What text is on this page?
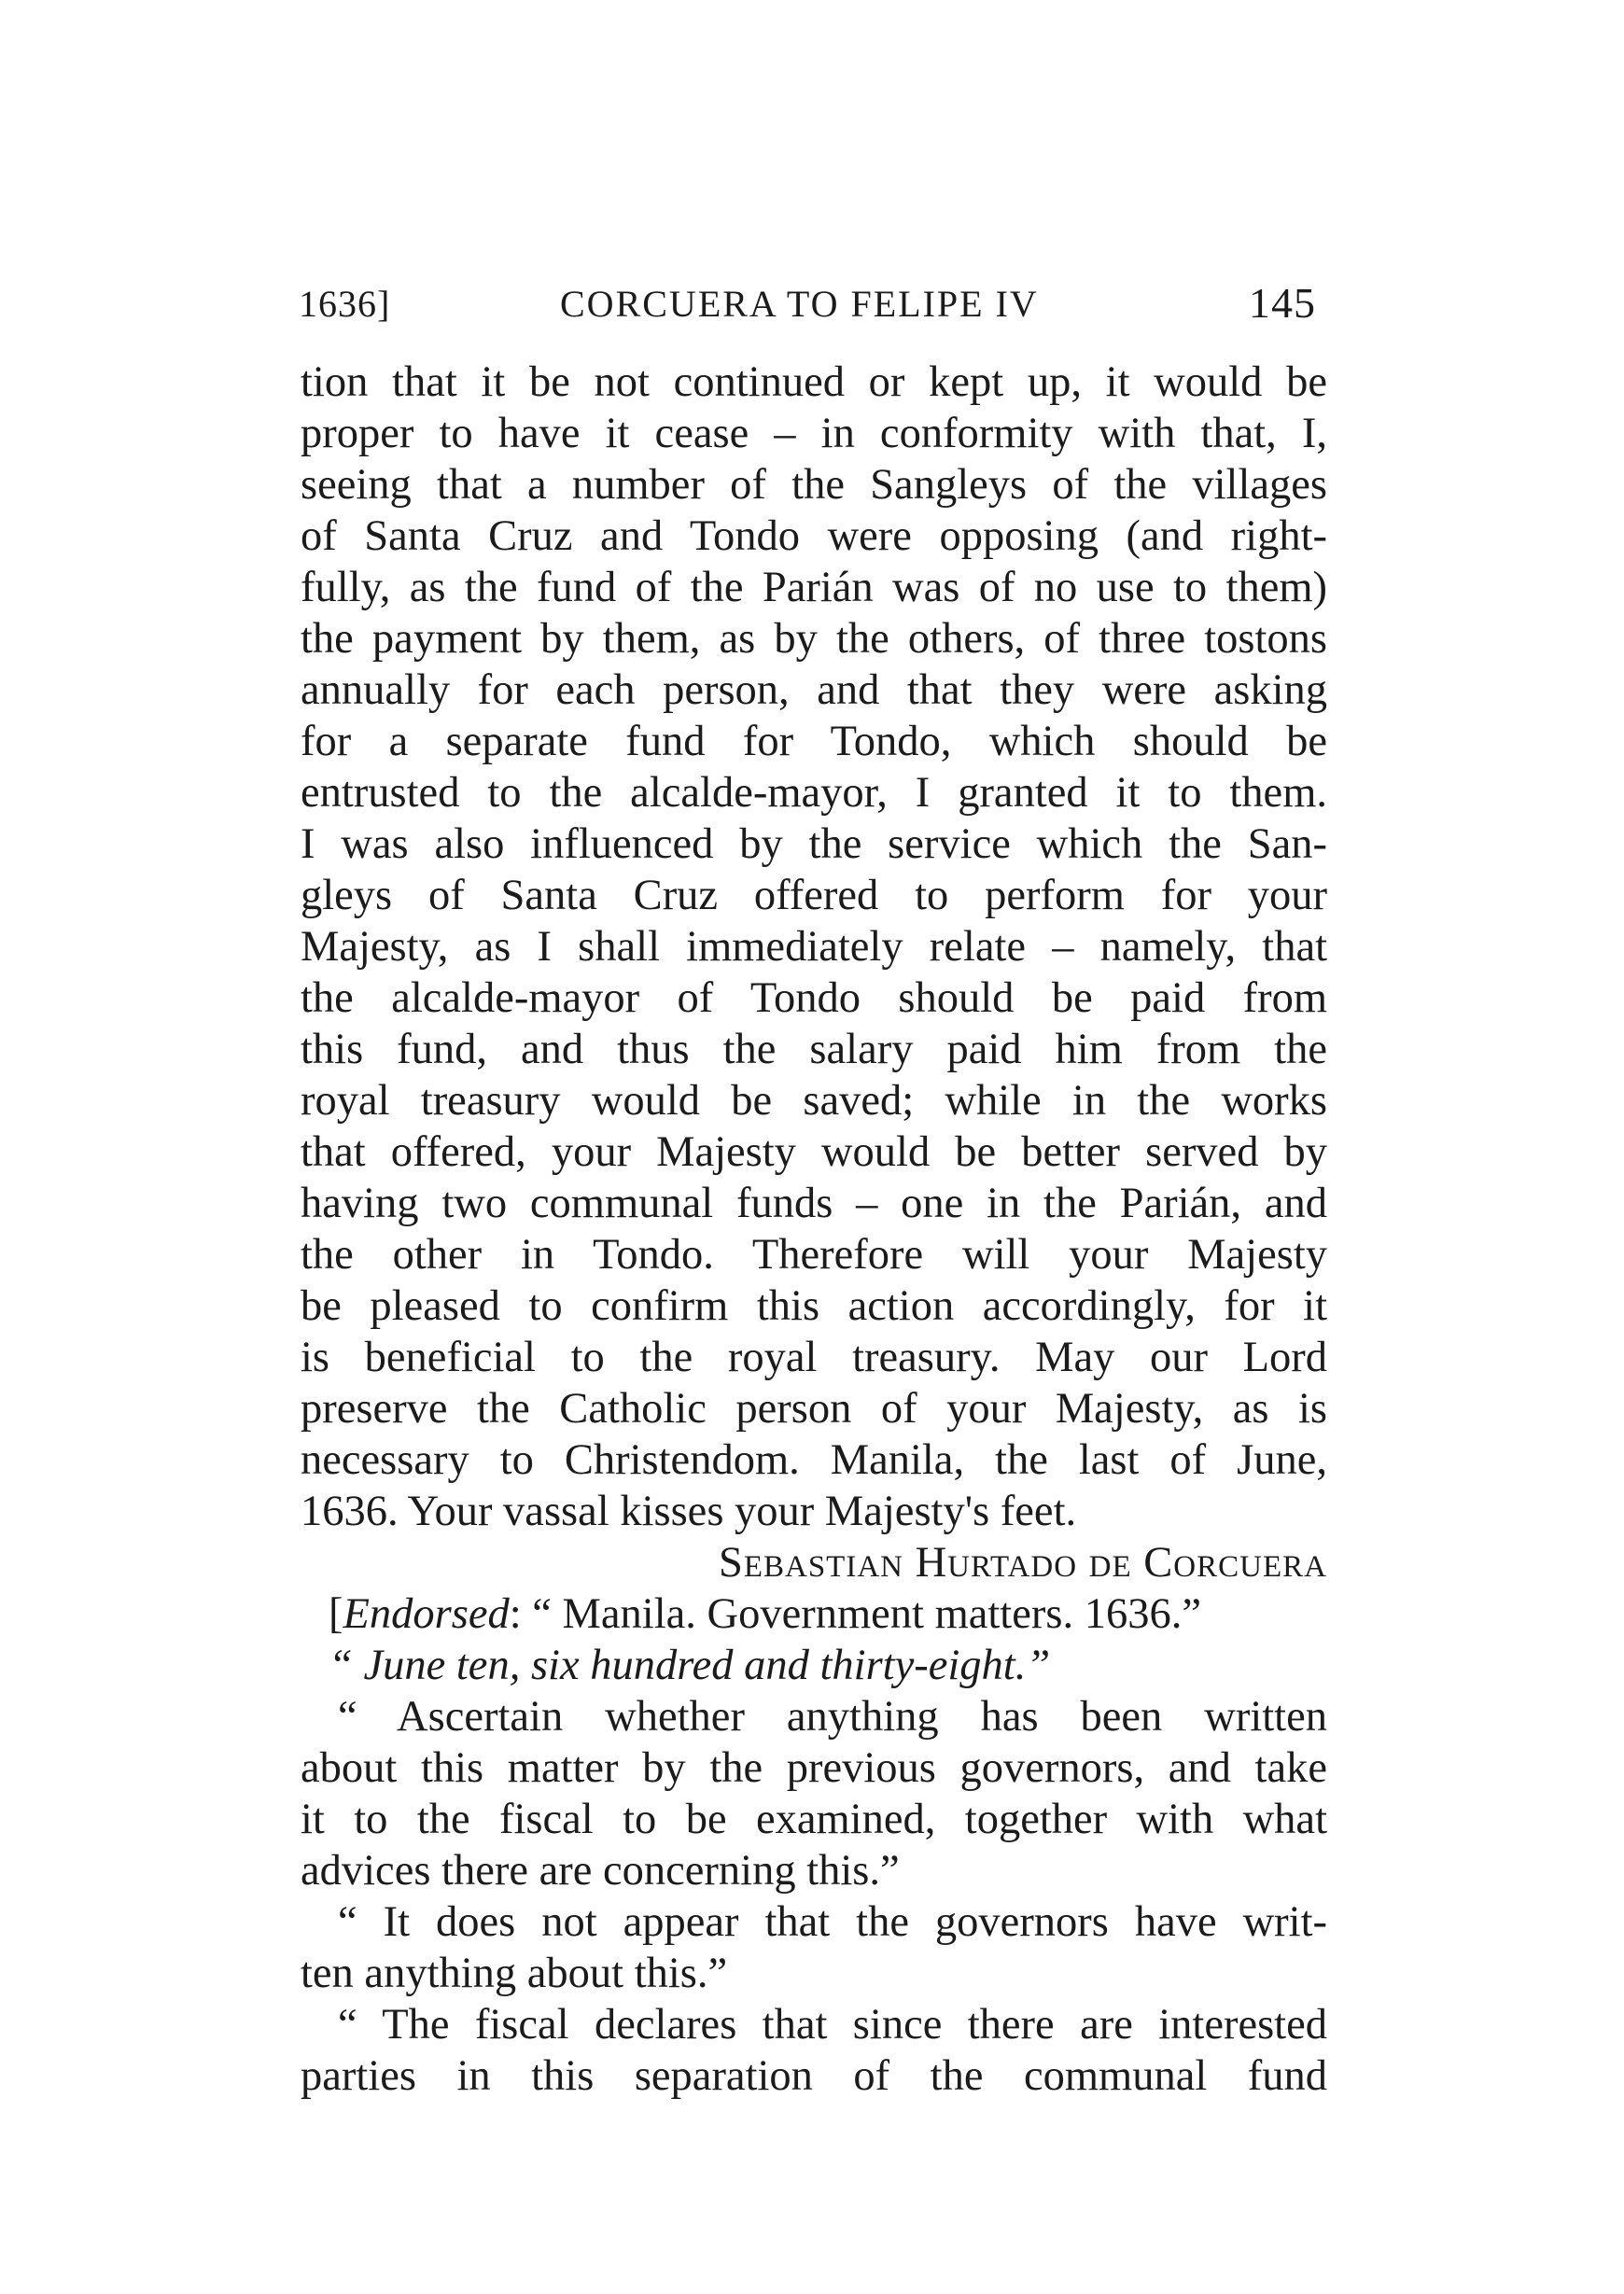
1636]	CORCUERA TO FELIPE IV	145
tion that it be not continued or kept up, it would be
proper to have it cease – in conformity with that, I,
seeing that a number of the Sangleys of the villages
of Santa Cruz and Tondo were opposing (and right-
fully, as the fund of the Parián was of no use to them)
the payment by them, as by the others, of three tostons
annually for each person, and that they were asking
for a separate fund for Tondo, which should be
entrusted to the alcalde-mayor, I granted it to them.
I was also influenced by the service which the San-
gleys of Santa Cruz offered to perform for your
Majesty, as I shall immediately relate – namely, that
the alcalde-mayor of Tondo should be paid from
this fund, and thus the salary paid him from the
royal treasury would be saved; while in the works
that offered, your Majesty would be better served by
having two communal funds – one in the Parián, and
the other in Tondo. Therefore will your Majesty
be pleased to confirm this action accordingly, for it
is beneficial to the royal treasury. May our Lord
preserve the Catholic person of your Majesty, as is
necessary to Christendom. Manila, the last of June,
1636. Your vassal kisses your Majesty's feet.
Sebastian Hurtado de Corcuera
[Endorsed: “ Manila. Government matters. 1636.”
“ June ten, six hundred and thirty-eight.”
“ Ascertain whether anything has been written
about this matter by the previous governors, and take
it to the fiscal to be examined, together with what
advices there are concerning this.”
“ It does not appear that the governors have writ-
ten anything about this.”
“ The fiscal declares that since there are interested
parties in this separation of the communal fund
